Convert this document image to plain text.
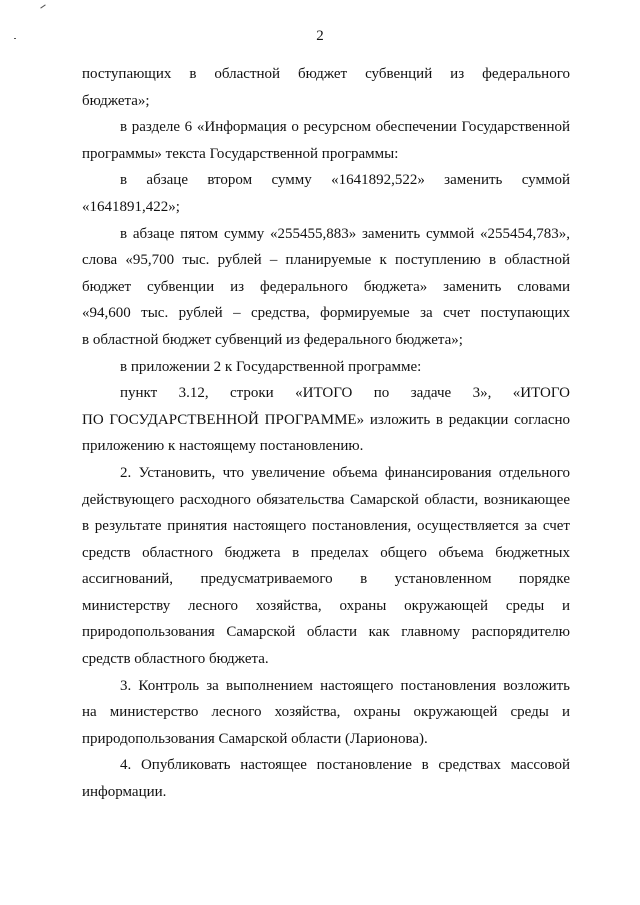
2

поступающих в областной бюджет субвенций из федерального
бюджета»;

в разделе 6 «Информация о ресурсном обеспечении Государственной
программы» текста Государственной программы:

в абзаце втором сумму «1641892,522» заменить суммой
«1641891,422»;

в абзаце пятом сумму «255455,883» заменить суммой «255454,783»,
слова «95,700 тыс. рублей – планируемые к поступлению в областной
бюджет субвенции из федерального бюджета» заменить словами
«94,600 тыс. рублей – средства, формируемые за счет поступающих
в областной бюджет субвенций из федерального бюджета»;

в приложении 2 к Государственной программе:

пункт 3.12, строки «ИТОГО по задаче 3», «ИТОГО
ПО ГОСУДАРСТВЕННОЙ ПРОГРАММЕ» изложить в редакции согласно
приложению к настоящему постановлению.

2. Установить, что увеличение объема финансирования отдельного
действующего расходного обязательства Самарской области, возникающее
в результате принятия настоящего постановления, осуществляется за счет
средств областного бюджета в пределах общего объема бюджетных
ассигнований, предусматриваемого в установленном порядке
министерству лесного хозяйства, охраны окружающей среды и
природопользования Самарской области как главному распорядителю
средств областного бюджета.

3. Контроль за выполнением настоящего постановления возложить
на министерство лесного хозяйства, охраны окружающей среды и
природопользования Самарской области (Ларионова).

4. Опубликовать настоящее постановление в средствах массовой
информации.
